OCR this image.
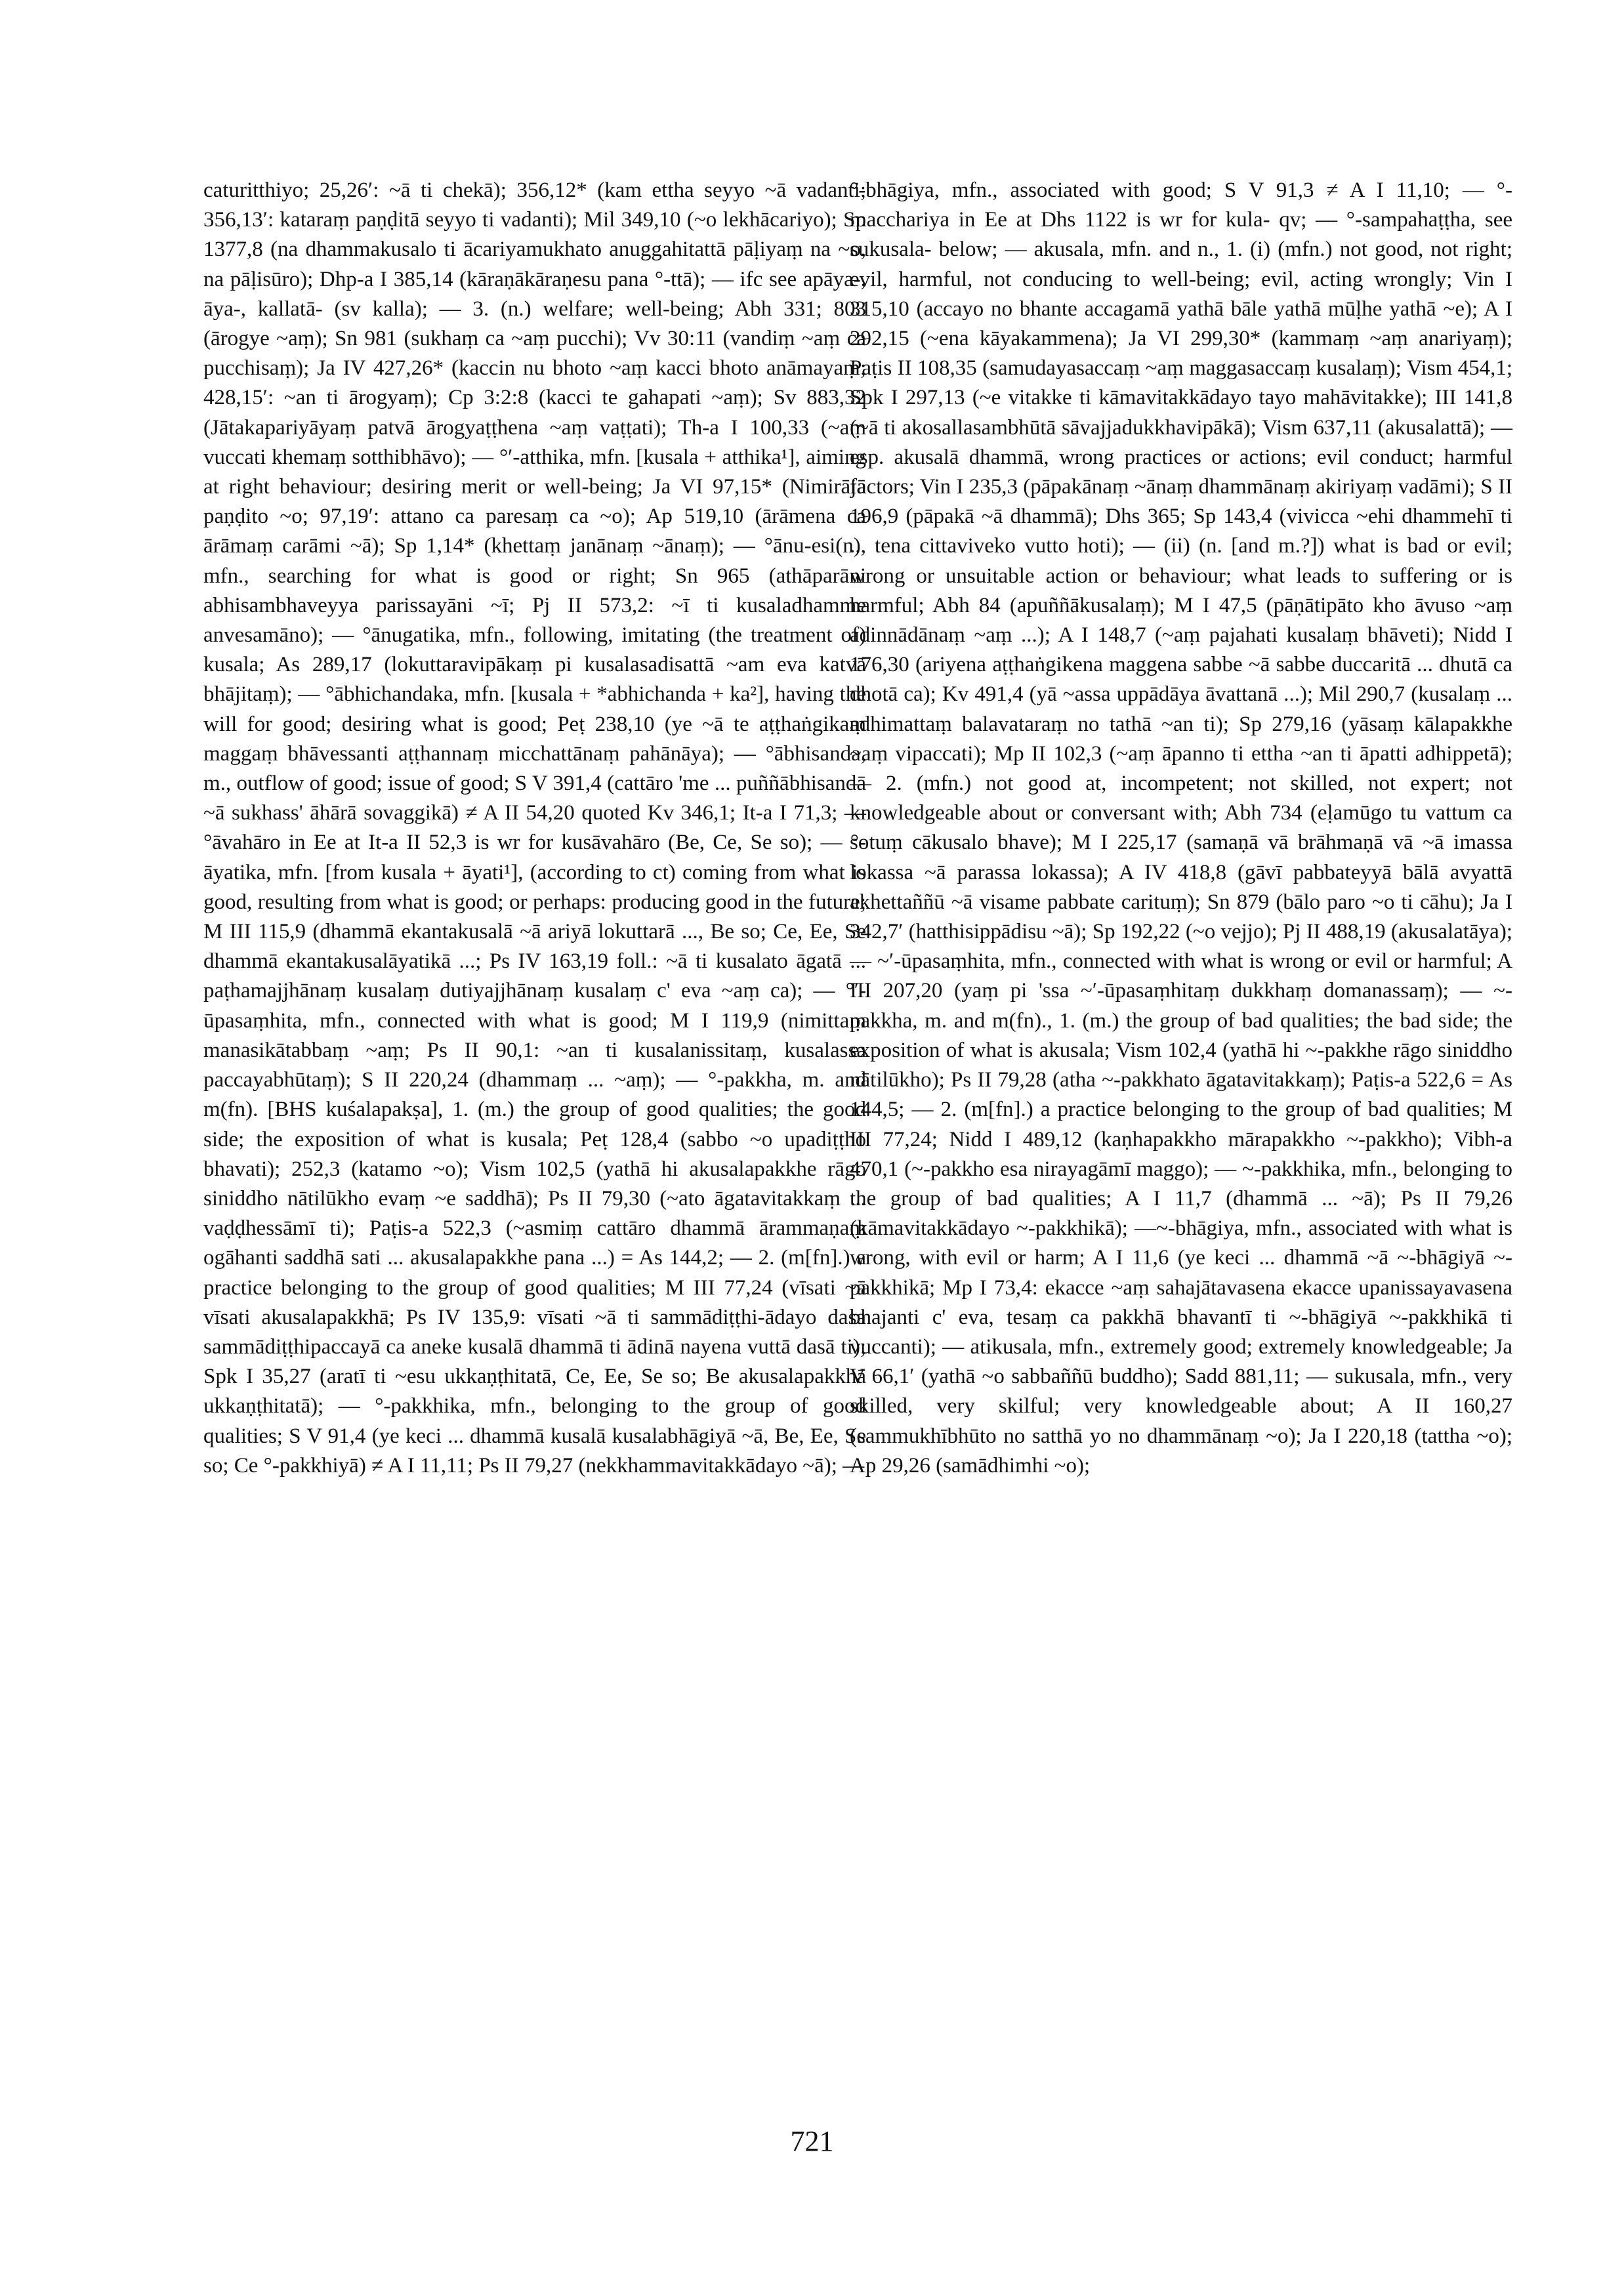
caturitthiyo; 25,26ʹ: ~ā ti chekā); 356,12* (kam ettha seyyo ~ā vadanti; 356,13ʹ: kataraṃ paṇḍitā seyyo ti vadanti); Mil 349,10 (~o lekhācariyo); Sp 1377,8 (na dhammakusalo ti ācariyamukhato anuggahitattā pāḷiyaṃ na ~o, na pāḷisūro); Dhp-a I 385,14 (kāraṇākāraṇesu pana °-ttā); — ifc see apāya-, āya-, kallatā- (sv kalla); — 3. (n.) welfare; well-being; Abh 331; 803 (ārogye ~aṃ); Sn 981 (sukhaṃ ca ~aṃ pucchi); Vv 30:11 (vandiṃ ~aṃ ca pucchisaṃ); Ja IV 427,26* (kaccin nu bhoto ~aṃ kacci bhoto anāmayaṃ; 428,15ʹ: ~an ti ārogyaṃ); Cp 3:2:8 (kacci te gahapati ~aṃ); Sv 883,32 (Jātakapariyāyaṃ patvā ārogyaṭṭhena ~aṃ vaṭṭati); Th-a I 100,33 (~aṃ vuccati khemaṃ sotthibhāvo); — °ʹ-atthika, mfn. [kusala + atthika¹], aiming at right behaviour; desiring merit or well-being; Ja VI 97,15* (Nimirājā paṇḍito ~o; 97,19ʹ: attano ca paresaṃ ca ~o); Ap 519,10 (ārāmena ca ārāmaṃ carāmi ~ā); Sp 1,14* (khettaṃ janānaṃ ~ānaṃ); — °ānu-esi(n), mfn., searching for what is good or right; Sn 965 (athāparāni abhisambhaveyya parissayāni ~ī; Pj II 573,2: ~ī ti kusaladhamme anvesamāno); — °ānugatika, mfn., following, imitating (the treatment of) kusala; As 289,17 (lokuttaravipākaṃ pi kusalasadisattā ~am eva katvā bhājitaṃ); — °ābhichandaka, mfn. [kusala + *abhichanda + ka²], having the will for good; desiring what is good; Peṭ 238,10 (ye ~ā te aṭṭhaṅgikaṃ maggaṃ bhāvessanti aṭṭhannaṃ micchattānaṃ pahānāya); — °ābhisanda, m., outflow of good; issue of good; S V 391,4 (cattāro 'me ... puññābhisandā ~ā sukhass' āhārā sovaggikā) ≠ A II 54,20 quoted Kv 346,1; It-a I 71,3; — °āvahāro in Ee at It-a II 52,3 is wr for kusāvahāro (Be, Ce, Se so); — °-āyatika, mfn. [from kusala + āyati¹], (according to ct) coming from what is good, resulting from what is good; or perhaps: producing good in the future; M III 115,9 (dhammā ekantakusalā ~ā ariyā lokuttarā ..., Be so; Ce, Ee, Se dhammā ekantakusalāyatikā ...; Ps IV 163,19 foll.: ~ā ti kusalato āgatā ... paṭhamajjhānaṃ kusalaṃ dutiyajjhānaṃ kusalaṃ c' eva ~aṃ ca); — °ʹ-ūpasaṃhita, mfn., connected with what is good; M I 119,9 (nimittaṃ manasikātabbaṃ ~aṃ; Ps II 90,1: ~an ti kusalanissitaṃ, kusalassa paccayabhūtaṃ); S II 220,24 (dhammaṃ ... ~aṃ); — °-pakkha, m. and m(fn). [BHS kuśalapakṣa], 1. (m.) the group of good qualities; the good side; the exposition of what is kusala; Peṭ 128,4 (sabbo ~o upadiṭṭho bhavati); 252,3 (katamo ~o); Vism 102,5 (yathā hi akusalapakkhe rāgo siniddho nātilūkho evaṃ ~e saddhā); Ps II 79,30 (~ato āgatavitakkaṃ ... vaḍḍhessāmī ti); Paṭis-a 522,3 (~asmiṃ cattāro dhammā ārammaṇaṃ ogāhanti saddhā sati ... akusalapakkhe pana ...) = As 144,2; — 2. (m[fn].) a practice belonging to the group of good qualities; M III 77,24 (vīsati ~ā vīsati akusalapakkhā; Ps IV 135,9: vīsati ~ā ti sammādiṭṭhi-ādayo dasa sammādiṭṭhipaccayā ca aneke kusalā dhammā ti ādinā nayena vuttā dasā ti); Spk I 35,27 (aratī ti ~esu ukkaṇṭhitatā, Ce, Ee, Se so; Be akusalapakkhā ukkaṇṭhitatā); — °-pakkhika, mfn., belonging to the group of good qualities; S V 91,4 (ye keci ... dhammā kusalā kusalabhāgiyā ~ā, Be, Ee, Se so; Ce °-pakkhiyā) ≠ A I 11,11; Ps II 79,27 (nekkhammavitakkādayo ~ā); —

°-bhāgiya, mfn., associated with good; S V 91,3 ≠ A I 11,10; — °-macchariya in Ee at Dhs 1122 is wr for kula- qv; — °-sampahaṭṭha, see sukusala- below; — akusala, mfn. and n., 1. (i) (mfn.) not good, not right; evil, harmful, not conducing to well-being; evil, acting wrongly; Vin I 315,10 (accayo no bhante accagamā yathā bāle yathā mūḷhe yathā ~e); A I 292,15 (~ena kāyakammena); Ja VI 299,30* (kammaṃ ~aṃ anariyaṃ); Paṭis II 108,35 (samudayasaccaṃ ~aṃ maggasaccaṃ kusalaṃ); Vism 454,1; Spk I 297,13 (~e vitakke ti kāmavitakkādayo tayo mahāvitakke); III 141,8 (~ā ti akosallasambhūtā sāvajjadukkhavipākā); Vism 637,11 (akusalattā); — esp. akusalā dhammā, wrong practices or actions; evil conduct; harmful factors; Vin I 235,3 (pāpakānaṃ ~ānaṃ dhammānaṃ akiriyaṃ vadāmi); S II 196,9 (pāpakā ~ā dhammā); Dhs 365; Sp 143,4 (vivicca ~ehi dhammehī ti ... tena cittaviveko vutto hoti); — (ii) (n. [and m.?]) what is bad or evil; wrong or unsuitable action or behaviour; what leads to suffering or is harmful; Abh 84 (apuññākusalaṃ); M I 47,5 (pāṇātipāto kho āvuso ~aṃ adinnādānaṃ ~aṃ ...); A I 148,7 (~aṃ pajahati kusalaṃ bhāveti); Nidd I 176,30 (ariyena aṭṭhaṅgikena maggena sabbe ~ā sabbe duccaritā ... dhutā ca dhotā ca); Kv 491,4 (yā ~assa uppādāya āvattanā ...); Mil 290,7 (kusalaṃ ... adhimattaṃ balavataraṃ no tathā ~an ti); Sp 279,16 (yāsaṃ kālapakkhe ~aṃ vipaccati); Mp II 102,3 (~aṃ āpanno ti ettha ~an ti āpatti adhippetā); — 2. (mfn.) not good at, incompetent; not skilled, not expert; not knowledgeable about or conversant with; Abh 734 (eḷamūgo tu vattum ca sotuṃ cākusalo bhave); M I 225,17 (samaṇā vā brāhmaṇā vā ~ā imassa lokassa ~ā parassa lokassa); A IV 418,8 (gāvī pabbateyyā bālā avyattā akhettaññū ~ā visame pabbate carituṃ); Sn 879 (bālo paro ~o ti cāhu); Ja I 342,7ʹ (hatthisippādisu ~ā); Sp 192,22 (~o vejjo); Pj II 488,19 (akusalatāya); — ~ʹ-ūpasaṃhita, mfn., connected with what is wrong or evil or harmful; A III 207,20 (yaṃ pi 'ssa ~ʹ-ūpasaṃhitaṃ dukkhaṃ domanassaṃ); — ~-pakkha, m. and m(fn)., 1. (m.) the group of bad qualities; the bad side; the exposition of what is akusala; Vism 102,4 (yathā hi ~-pakkhe rāgo siniddho nātilūkho); Ps II 79,28 (atha ~-pakkhato āgatavitakkaṃ); Paṭis-a 522,6 = As 144,5; — 2. (m[fn].) a practice belonging to the group of bad qualities; M III 77,24; Nidd I 489,12 (kaṇhapakkho mārapakkho ~-pakkho); Vibh-a 470,1 (~-pakkho esa nirayagāmī maggo); — ~-pakkhika, mfn., belonging to the group of bad qualities; A I 11,7 (dhammā ... ~ā); Ps II 79,26 (kāmavitakkādayo ~-pakkhikā); —~-bhāgiya, mfn., associated with what is wrong, with evil or harm; A I 11,6 (ye keci ... dhammā ~ā ~-bhāgiyā ~-pakkhikā; Mp I 73,4: ekacce ~aṃ sahajātavasena ekacce upanissayavasena bhajanti c' eva, tesaṃ ca pakkhā bhavantī ti ~-bhāgiyā ~-pakkhikā ti vuccanti); — atikusala, mfn., extremely good; extremely knowledgeable; Ja V 66,1ʹ (yathā ~o sabbaññū buddho); Sadd 881,11; — sukusala, mfn., very skilled, very skilful; very knowledgeable about; A II 160,27 (sammukhībhūto no satthā yo no dhammānaṃ ~o); Ja I 220,18 (tattha ~o); Ap 29,26 (samādhimhi ~o);

721
